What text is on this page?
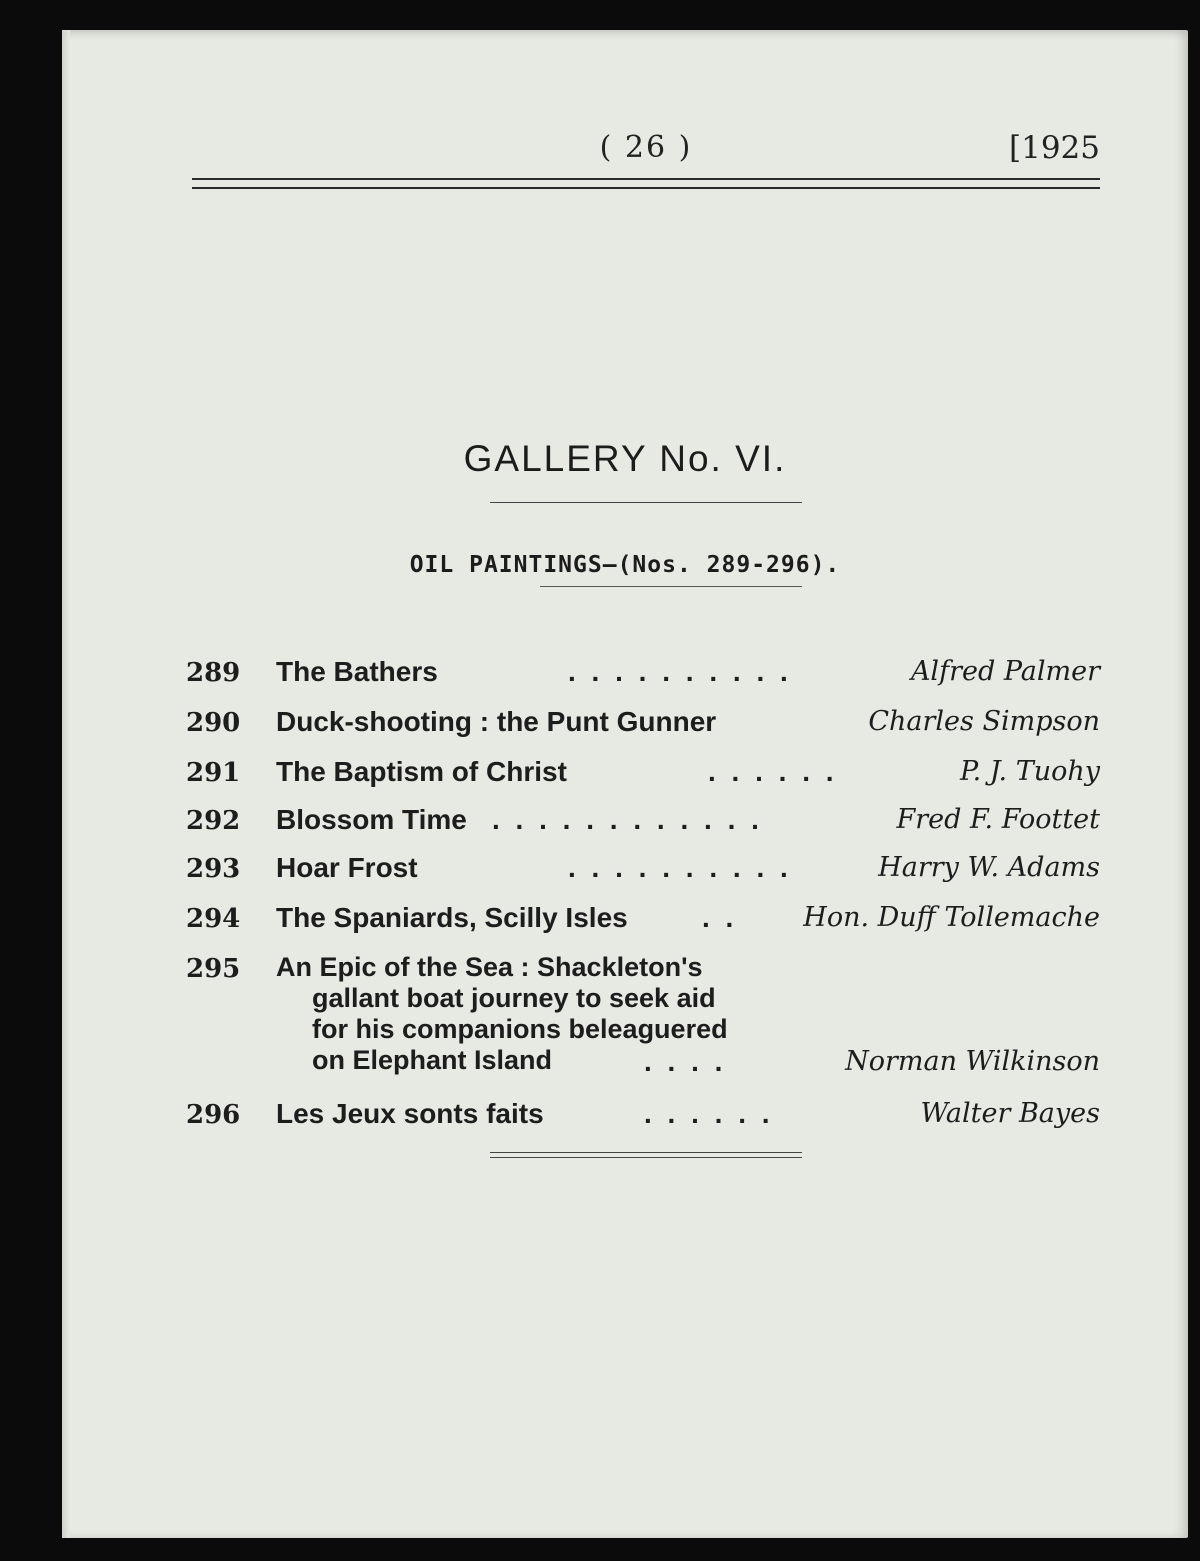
( 26 )	[1925
GALLERY No. VI.
OIL PAINTINGS—(Nos. 289-296).
289 The Bathers	. . . . . . . . . .	Alfred Palmer
290 Duck-shooting : the Punt Gunner	Charles Simpson
291 The Baptism of Christ	. . . . . .	P. J. Tuohy
292 Blossom Time . . . . . . . . . . . .	Fred F. Foottet
293 Hoar Frost	. . . . . . . . . .	Harry W. Adams
294 The Spaniards, Scilly Isles	. . Hon. Duff Tollemache
295 An Epic of the Sea : Shackleton's
gallant boat journey to seek aid
for his companions beleaguered
on Elephant Island	. . . .	Norman Wilkinson
296 Les Jeux sonts faits	. . . . . .	Walter Bayes
